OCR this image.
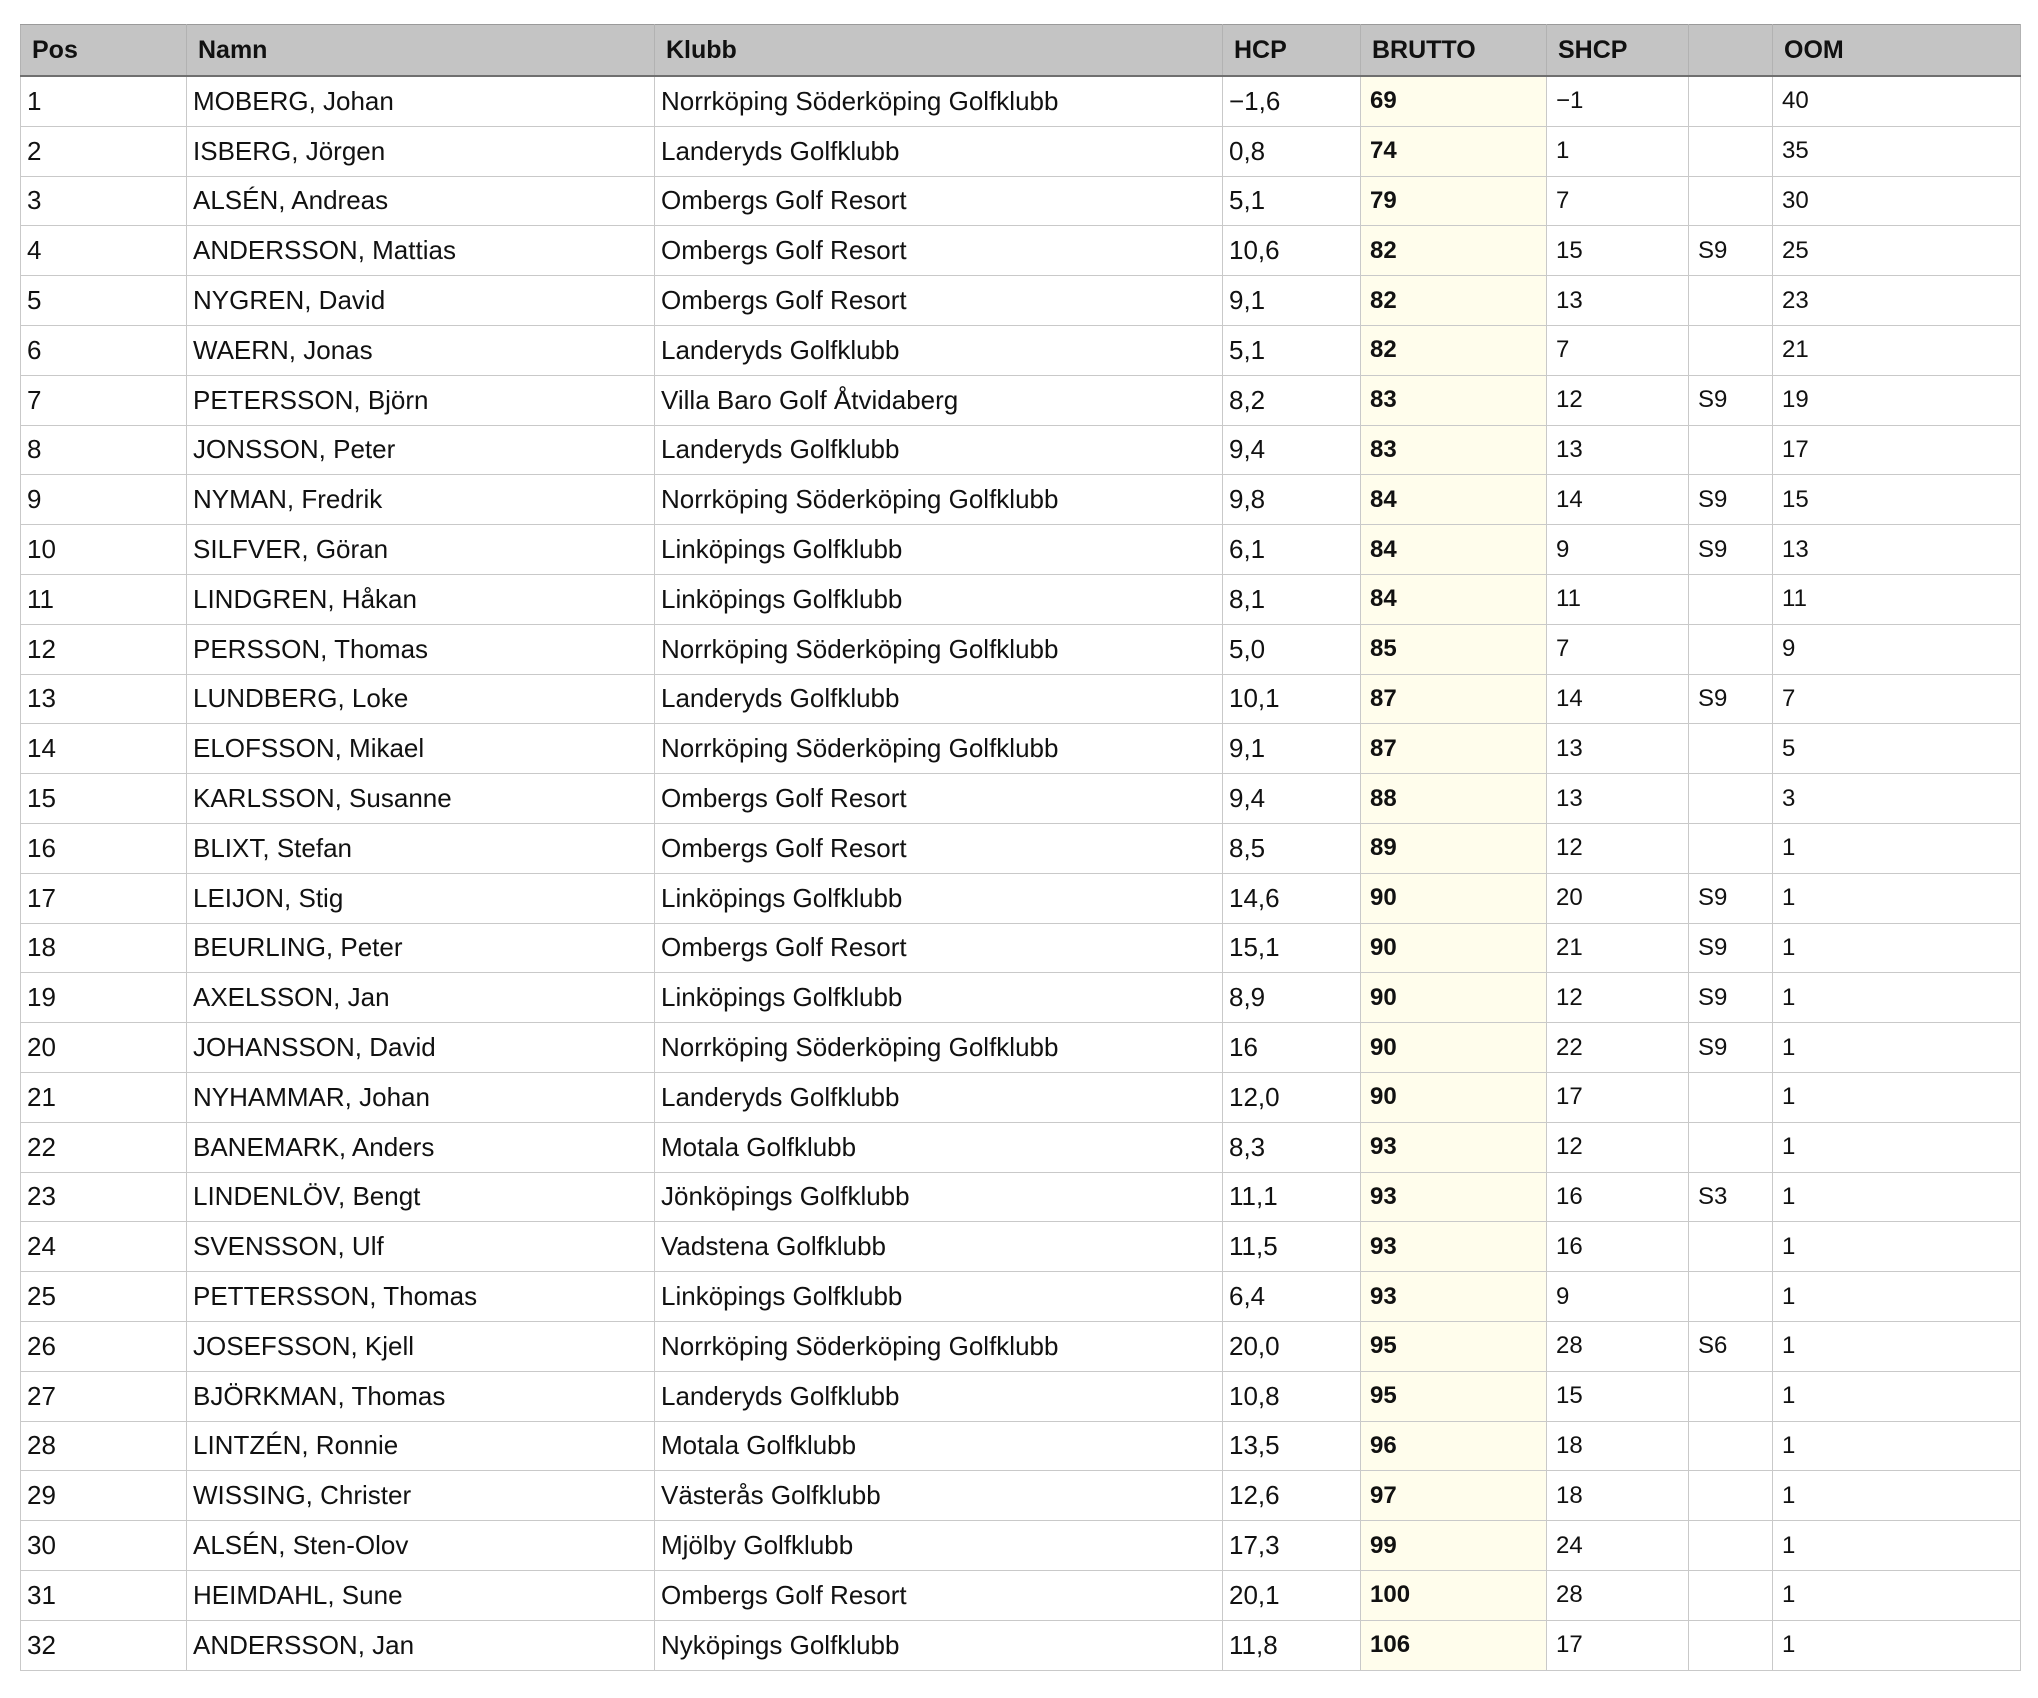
Pos	Namn	Klubb	HCP	BRUTTO	SHCP		OOM
1	MOBERG, Johan	Norrköping Söderköping Golfklubb	−1,6	69	−1		40
2	ISBERG, Jörgen	Landeryds Golfklubb	0,8	74	1		35
3	ALSÉN, Andreas	Ombergs Golf Resort	5,1	79	7		30
4	ANDERSSON, Mattias	Ombergs Golf Resort	10,6	82	15	S9	25
5	NYGREN, David	Ombergs Golf Resort	9,1	82	13		23
6	WAERN, Jonas	Landeryds Golfklubb	5,1	82	7		21
7	PETERSSON, Björn	Villa Baro Golf Åtvidaberg	8,2	83	12	S9	19
8	JONSSON, Peter	Landeryds Golfklubb	9,4	83	13		17
9	NYMAN, Fredrik	Norrköping Söderköping Golfklubb	9,8	84	14	S9	15
10	SILFVER, Göran	Linköpings Golfklubb	6,1	84	9	S9	13
11	LINDGREN, Håkan	Linköpings Golfklubb	8,1	84	11		11
12	PERSSON, Thomas	Norrköping Söderköping Golfklubb	5,0	85	7		9
13	LUNDBERG, Loke	Landeryds Golfklubb	10,1	87	14	S9	7
14	ELOFSSON, Mikael	Norrköping Söderköping Golfklubb	9,1	87	13		5
15	KARLSSON, Susanne	Ombergs Golf Resort	9,4	88	13		3
16	BLIXT, Stefan	Ombergs Golf Resort	8,5	89	12		1
17	LEIJON, Stig	Linköpings Golfklubb	14,6	90	20	S9	1
18	BEURLING, Peter	Ombergs Golf Resort	15,1	90	21	S9	1
19	AXELSSON, Jan	Linköpings Golfklubb	8,9	90	12	S9	1
20	JOHANSSON, David	Norrköping Söderköping Golfklubb	16	90	22	S9	1
21	NYHAMMAR, Johan	Landeryds Golfklubb	12,0	90	17		1
22	BANEMARK, Anders	Motala Golfklubb	8,3	93	12		1
23	LINDENLÖV, Bengt	Jönköpings Golfklubb	11,1	93	16	S3	1
24	SVENSSON, Ulf	Vadstena Golfklubb	11,5	93	16		1
25	PETTERSSON, Thomas	Linköpings Golfklubb	6,4	93	9		1
26	JOSEFSSON, Kjell	Norrköping Söderköping Golfklubb	20,0	95	28	S6	1
27	BJÖRKMAN, Thomas	Landeryds Golfklubb	10,8	95	15		1
28	LINTZÉN, Ronnie	Motala Golfklubb	13,5	96	18		1
29	WISSING, Christer	Västerås Golfklubb	12,6	97	18		1
30	ALSÉN, Sten-Olov	Mjölby Golfklubb	17,3	99	24		1
31	HEIMDAHL, Sune	Ombergs Golf Resort	20,1	100	28		1
32	ANDERSSON, Jan	Nyköpings Golfklubb	11,8	106	17		1
